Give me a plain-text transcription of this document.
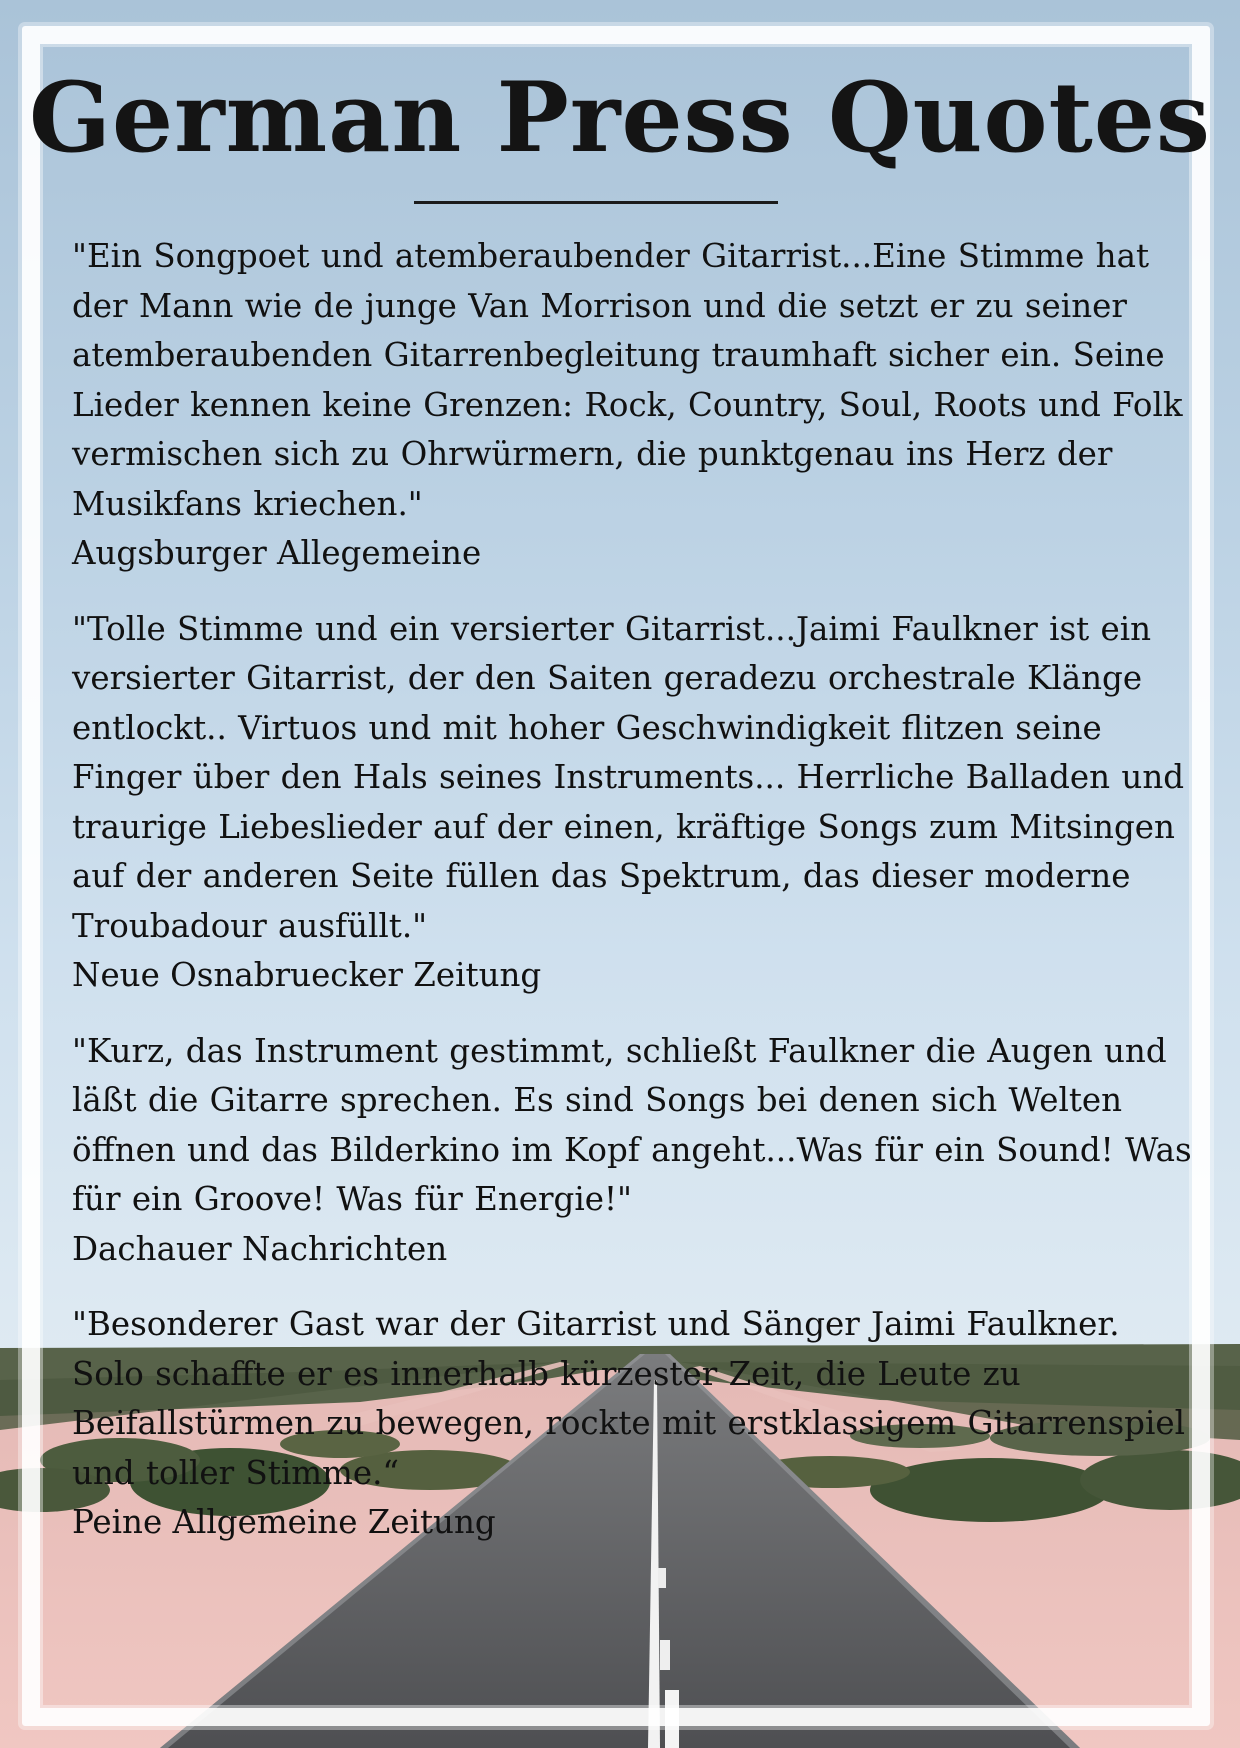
German Press Quotes

"Ein Songpoet und atemberaubender Gitarrist...Eine Stimme hat der Mann wie de junge Van Morrison und die setzt er zu seiner atemberaubenden Gitarrenbegleitung traumhaft sicher ein. Seine Lieder kennen keine Grenzen: Rock, Country, Soul, Roots und Folk vermischen sich zu Ohrwürmern, die punktgenau ins Herz der Musikfans kriechen."

Augsburger Allegemeine

"Tolle Stimme und ein versierter Gitarrist...Jaimi Faulkner ist ein versierter Gitarrist, der den Saiten geradezu orchestrale Klänge entlockt.. Virtuos und mit hoher Geschwindigkeit flitzen seine Finger über den Hals seines Instruments... Herrliche Balladen und traurige Liebeslieder auf der einen, kräftige Songs zum Mitsingen auf der anderen Seite füllen das Spektrum, das dieser moderne Troubadour ausfüllt."

Neue Osnabruecker Zeitung

"Kurz, das Instrument gestimmt, schließt Faulkner die Augen und läßt die Gitarre sprechen. Es sind Songs bei denen sich Welten öffnen und das Bilderkino im Kopf angeht...Was für ein Sound! Was für ein Groove! Was für Energie!"

Dachauer Nachrichten

"Besonderer Gast war der Gitarrist und Sänger Jaimi Faulkner. Solo schaffte er es innerhalb kürzester Zeit, die Leute zu Beifallstürmen zu bewegen, rockte mit erstklassigem Gitarrenspiel und toller Stimme.“

Peine Allgemeine Zeitung
